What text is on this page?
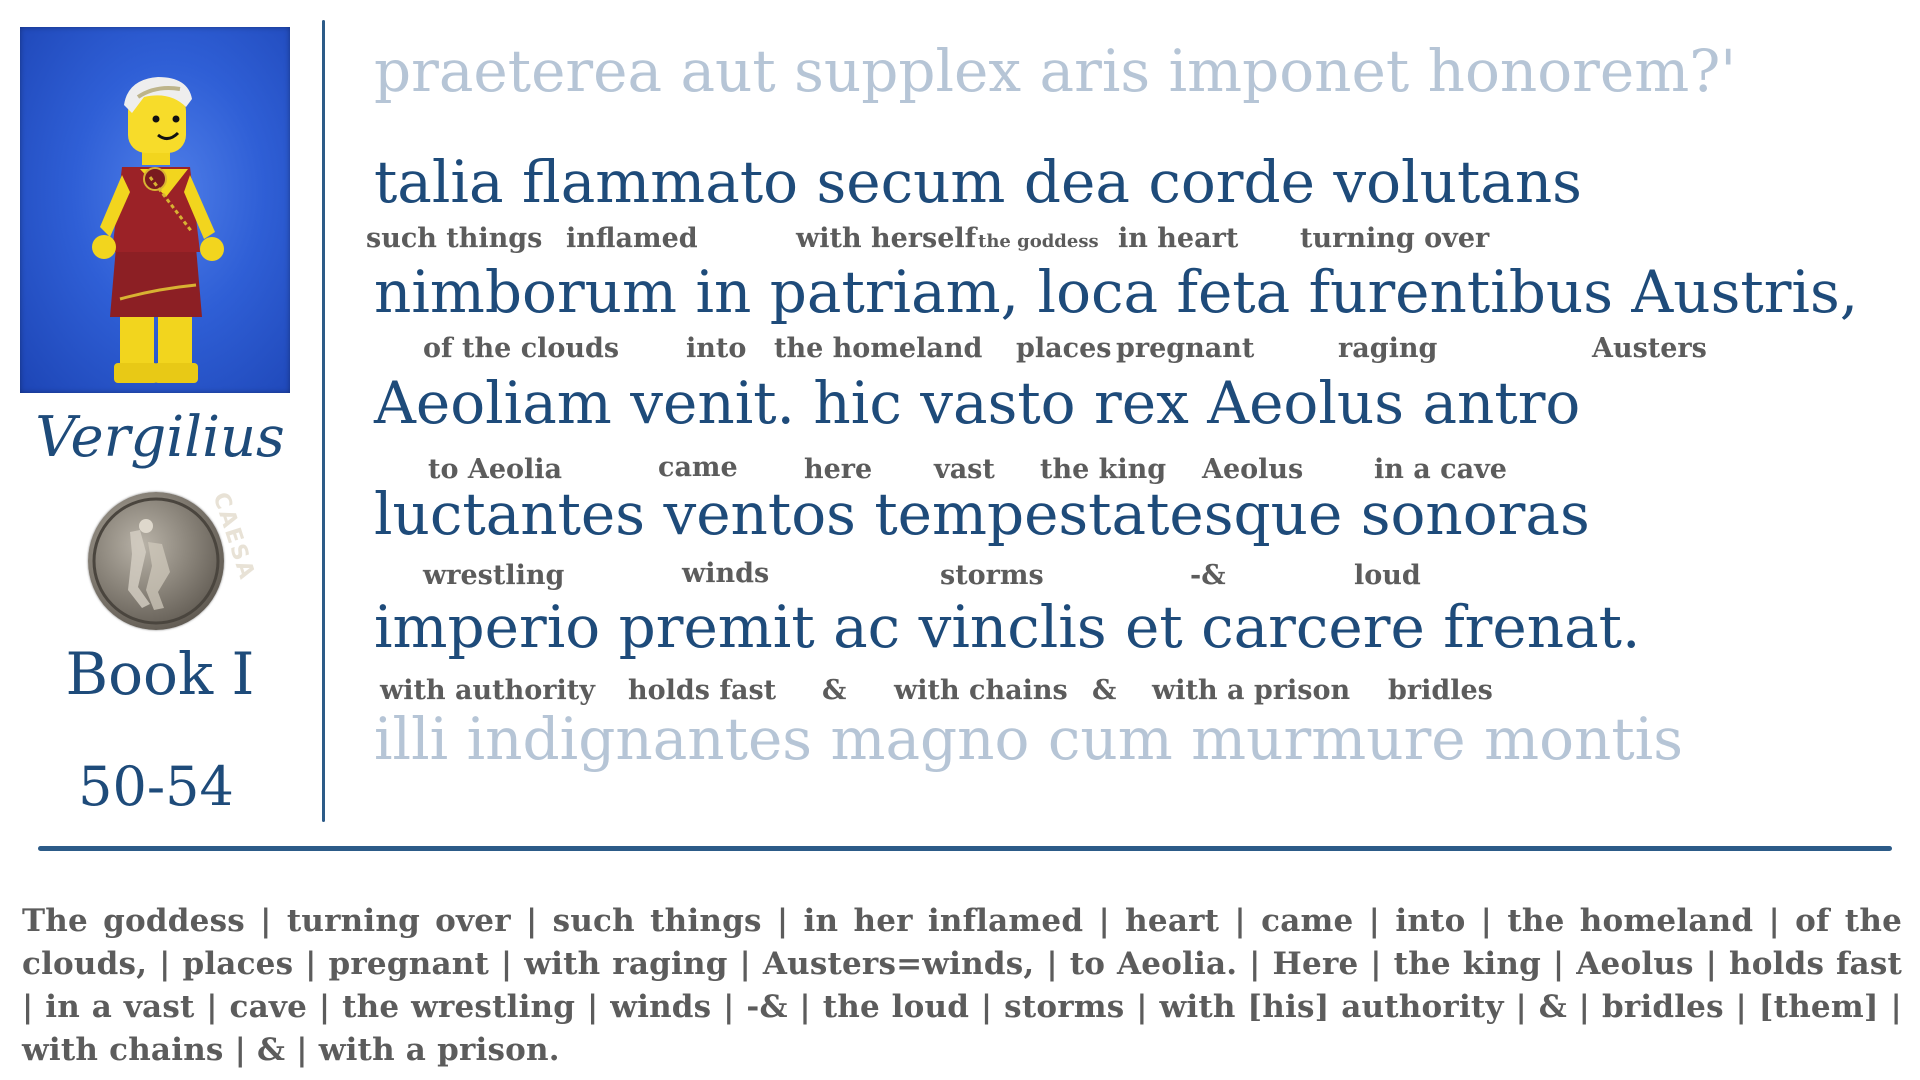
Vergilius
CAESA
Book I
50-54
praeterea aut supplex aris imponet honorem?'
talia flammato secum dea corde volutans
such things inflamed	with herself the goddess in heart turning over
nimborum in patriam, loca feta furentibus Austris,
of the clouds into the homeland places pregnant	raging	Austers
Aeoliam venit. hic vasto rex Aeolus antro
to Aeolia	came here vast the king Aeolus	in a cave
luctantes ventos tempestatesque sonoras
wrestling	winds	storms	-&	loud
imperio premit ac vinclis et carcere frenat.
with authority holds fast & with chains & with a prison bridles
illi indignantes magno cum murmure montis
The goddess | turning over | such things | in her inflamed | heart | came | into | the homeland | of the clouds, | places | pregnant | with raging | Austers=winds, | to Aeolia. | Here | the king | Aeolus | holds fast | in a vast | cave | the wrestling | winds | -& | the loud | storms | with [his] authority | & | bridles | [them] | with chains | & | with a prison.
